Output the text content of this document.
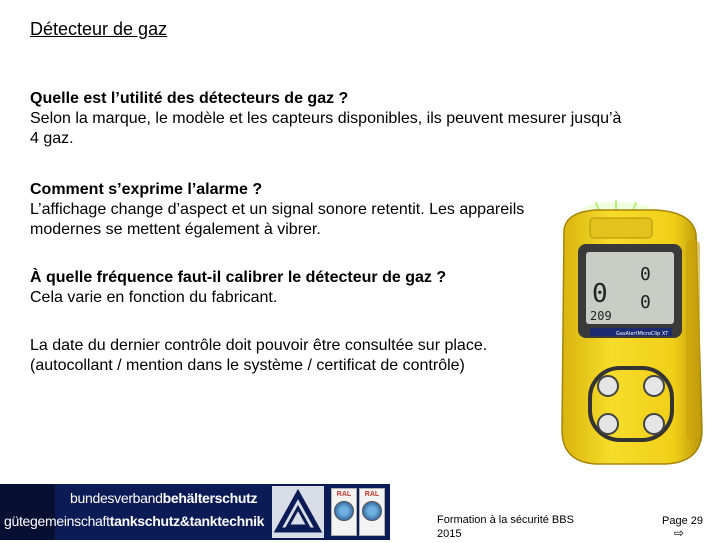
Détecteur de gaz

Quelle est l’utilité des détecteurs de gaz ?

Selon la marque, le modèle et les capteurs disponibles, ils peuvent mesurer jusqu’à

4 gaz.

Comment s’exprime l’alarme ?

L’affichage change d’aspect et un signal sonore retentit. Les appareils

modernes se mettent également à vibrer.

À quelle fréquence faut-il calibrer le détecteur de gaz ?

Cela varie en fonction du fabricant.

La date du dernier contrôle doit pouvoir être consultée sur place.

(autocollant / mention dans le système / certificat de contrôle)

0
0
0
209
GasAlertMicroClip XT
bundesverbandbehälterschutz
gütegemeinschafttankschutz&tanktechnik
RAL	RAL
Formation à la sécurité BBS
2015
Page 29
⇨
